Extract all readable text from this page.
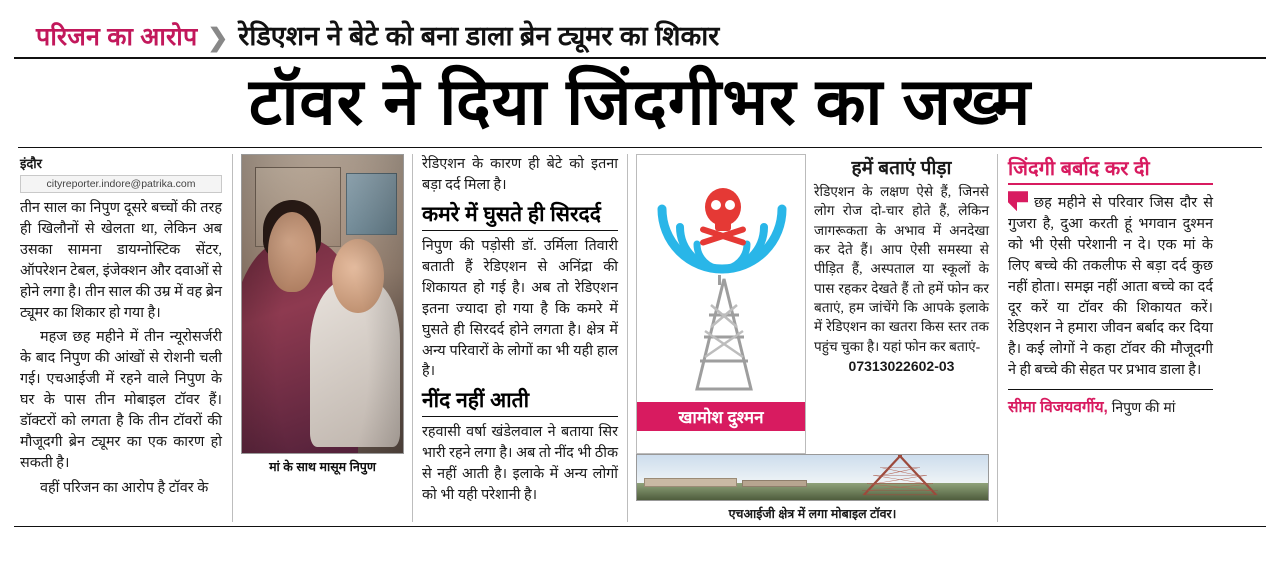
परिजन का आरोप ❯ रेडिएशन ने बेटे को बना डाला ब्रेन ट्यूमर का शिकार
टॉवर ने दिया जिंदगीभर का जख्म
इंदौर
cityreporter.indore@patrika.com

तीन साल का निपुण दूसरे बच्चों की तरह ही खिलौनों से खेलता था, लेकिन अब उसका सामना डायग्नोस्टिक सेंटर, ऑपरेशन टेबल, इंजेक्शन और दवाओं से होने लगा है। तीन साल की उम्र में वह ब्रेन ट्यूमर का शिकार हो गया है।

महज छह महीने में तीन न्यूरोसर्जरी के बाद निपुण की आंखों से रोशनी चली गई। एचआईजी में रहने वाले निपुण के घर के पास तीन मोबाइल टॉवर हैं। डॉक्टरों को लगता है कि तीन टॉवरों की मौजूदगी ब्रेन ट्यूमर का एक कारण हो सकती है।

वहीं परिजन का आरोप है टॉवर के

मां के साथ मासूम निपुण

रेडिएशन के कारण ही बेटे को इतना बड़ा दर्द मिला है।

कमरे में घुसते ही सिरदर्द

निपुण की पड़ोसी डॉ. उर्मिला तिवारी बताती हैं रेडिएशन से अनिंद्रा की शिकायत हो गई है। अब तो रेडिएशन इतना ज्यादा हो गया है कि कमरे में घुसते ही सिरदर्द होने लगता है। क्षेत्र में अन्य परिवारों के लोगों का भी यही हाल है।

नींद नहीं आती

रहवासी वर्षा खंडेलवाल ने बताया सिर भारी रहने लगा है। अब तो नींद भी ठीक से नहीं आती है। इलाके में अन्य लोगों को भी यही परेशानी है।

खामोश दुश्मन
हमें बताएं पीड़ा
रेडिएशन के लक्षण ऐसे हैं, जिनसे लोग रोज दो-चार होते हैं, लेकिन जागरूकता के अभाव में अनदेखा कर देते हैं। आप ऐसी समस्या से पीड़ित हैं, अस्पताल या स्कूलों के पास रहकर देखते हैं तो हमें फोन कर बताएं, हम जांचेंगे कि आपके इलाके में रेडिएशन का खतरा किस स्तर तक पहुंच चुका है। यहां फोन कर बताएं-
07313022602-03
एचआईजी क्षेत्र में लगा मोबाइल टॉवर।
जिंदगी बर्बाद कर दी

छह महीने से परिवार जिस दौर से गुजरा है, दुआ करती हूं भगवान दुश्मन को भी ऐसी परेशानी न दे। एक मां के लिए बच्चे की तकलीफ से बड़ा दर्द कुछ नहीं होता। समझ नहीं आता बच्चे का दर्द दूर करें या टॉवर की शिकायत करें। रेडिएशन ने हमारा जीवन बर्बाद कर दिया है। कई लोगों ने कहा टॉवर की मौजूदगी ने ही बच्चे की सेहत पर प्रभाव डाला है।

सीमा विजयवर्गीय, निपुण की मां
